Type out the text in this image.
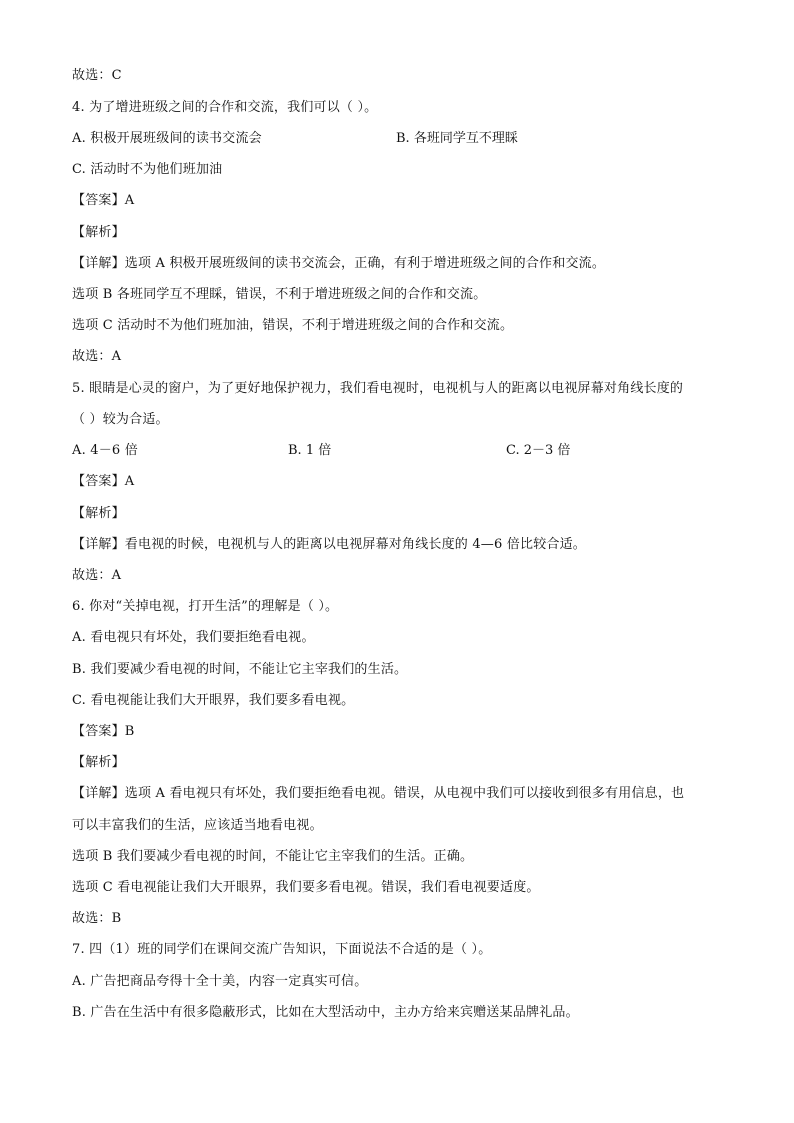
故选：C
4. 为了增进班级之间的合作和交流，我们可以（ ）。
A. 积极开展班级间的读书交流会	B. 各班同学互不理睬
C. 活动时不为他们班加油
【答案】A
【解析】
【详解】选项 A 积极开展班级间的读书交流会，正确，有利于增进班级之间的合作和交流。
选项 B 各班同学互不理睬，错误，不利于增进班级之间的合作和交流。
选项 C 活动时不为他们班加油，错误，不利于增进班级之间的合作和交流。
故选：A
5. 眼睛是心灵的窗户，为了更好地保护视力，我们看电视时，电视机与人的距离以电视屏幕对角线长度的
（ ）较为合适。
A. 4－6 倍	B. 1 倍	C. 2－3 倍
【答案】A
【解析】
【详解】看电视的时候，电视机与人的距离以电视屏幕对角线长度的 4—6 倍比较合适。
故选：A
6. 你对“关掉电视，打开生活”的理解是（ ）。
A. 看电视只有坏处，我们要拒绝看电视。
B. 我们要减少看电视的时间，不能让它主宰我们的生活。
C. 看电视能让我们大开眼界，我们要多看电视。
【答案】B
【解析】
【详解】选项 A 看电视只有坏处，我们要拒绝看电视。错误，从电视中我们可以接收到很多有用信息，也
可以丰富我们的生活，应该适当地看电视。
选项 B 我们要减少看电视的时间，不能让它主宰我们的生活。正确。
选项 C 看电视能让我们大开眼界，我们要多看电视。错误，我们看电视要适度。
故选：B
7. 四（1）班的同学们在课间交流广告知识，下面说法不合适的是（ ）。
A. 广告把商品夸得十全十美，内容一定真实可信。
B. 广告在生活中有很多隐蔽形式，比如在大型活动中，主办方给来宾赠送某品牌礼品。
